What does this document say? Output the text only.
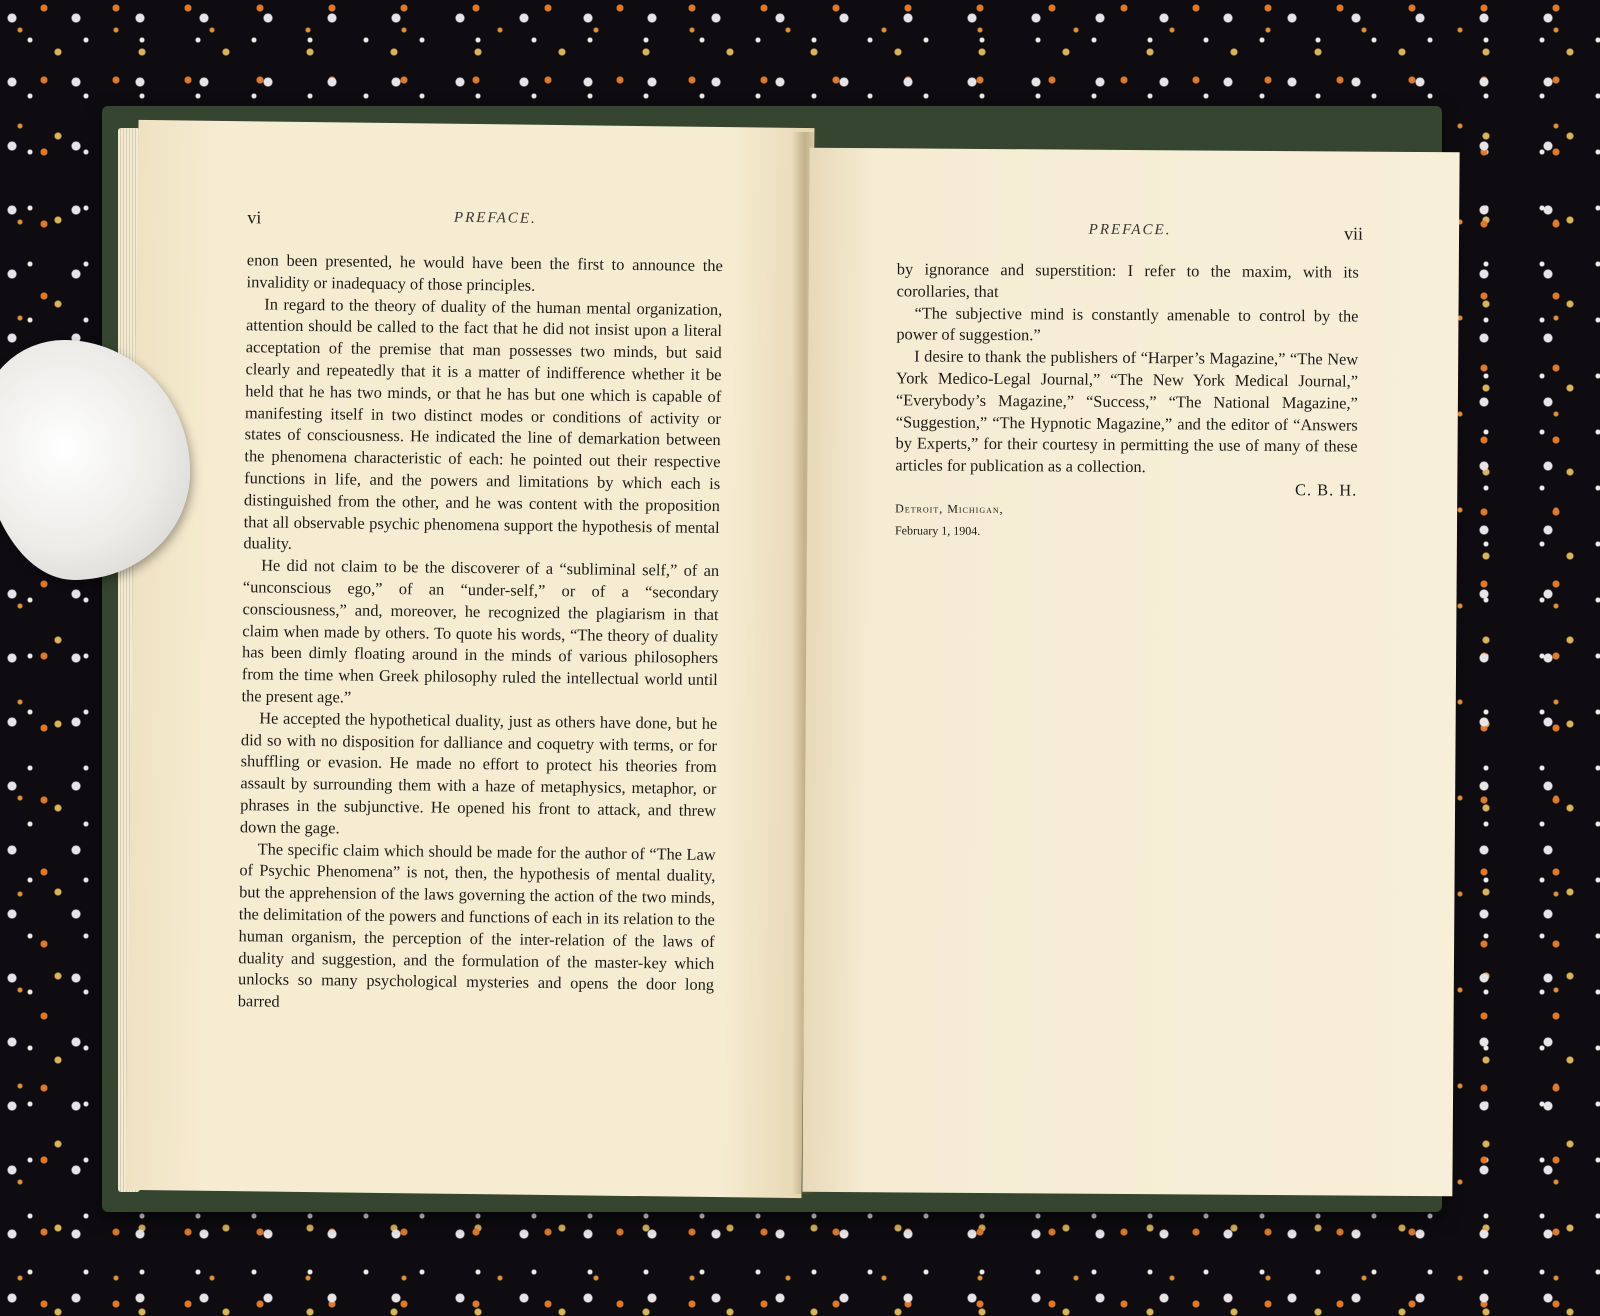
vi	PREFACE.

enon been presented, he would have been the first to announce the invalidity or inadequacy of those principles.

In regard to the theory of duality of the human mental organization, attention should be called to the fact that he did not insist upon a literal acceptation of the premise that man possesses two minds, but said clearly and repeatedly that it is a matter of indifference whether it be held that he has two minds, or that he has but one which is capable of manifesting itself in two distinct modes or conditions of activity or states of consciousness. He indicated the line of demarkation between the phenomena characteristic of each: he pointed out their respective functions in life, and the powers and limitations by which each is distinguished from the other, and he was content with the proposition that all observable psychic phenomena support the hypothesis of mental duality.

He did not claim to be the discoverer of a “subliminal self,” of an “unconscious ego,” of an “under-self,” or of a “secondary consciousness,” and, moreover, he recognized the plagiarism in that claim when made by others. To quote his words, “The theory of duality has been dimly floating around in the minds of various philosophers from the time when Greek philosophy ruled the intellectual world until the present age.”

He accepted the hypothetical duality, just as others have done, but he did so with no disposition for dalliance and coquetry with terms, or for shuffling or evasion. He made no effort to protect his theories from assault by surrounding them with a haze of metaphysics, metaphor, or phrases in the subjunctive. He opened his front to attack, and threw down the gage.

The specific claim which should be made for the author of “The Law of Psychic Phenomena” is not, then, the hypothesis of mental duality, but the apprehension of the laws governing the action of the two minds, the delimitation of the powers and functions of each in its relation to the human organism, the perception of the inter-relation of the laws of duality and suggestion, and the formulation of the master-key which unlocks so many psychological mysteries and opens the door long barred

PREFACE.	vii

by ignorance and superstition: I refer to the maxim, with its corollaries, that

“The subjective mind is constantly amenable to control by the power of suggestion.”

I desire to thank the publishers of “Harper’s Magazine,” “The New York Medico-Legal Journal,” “The New York Medical Journal,” “Everybody’s Magazine,” “Success,” “The National Magazine,” “Suggestion,” “The Hypnotic Magazine,” and the editor of “Answers by Experts,” for their courtesy in permitting the use of many of these articles for publication as a collection.

C. B. H.

Detroit, Michigan,

February 1, 1904.
